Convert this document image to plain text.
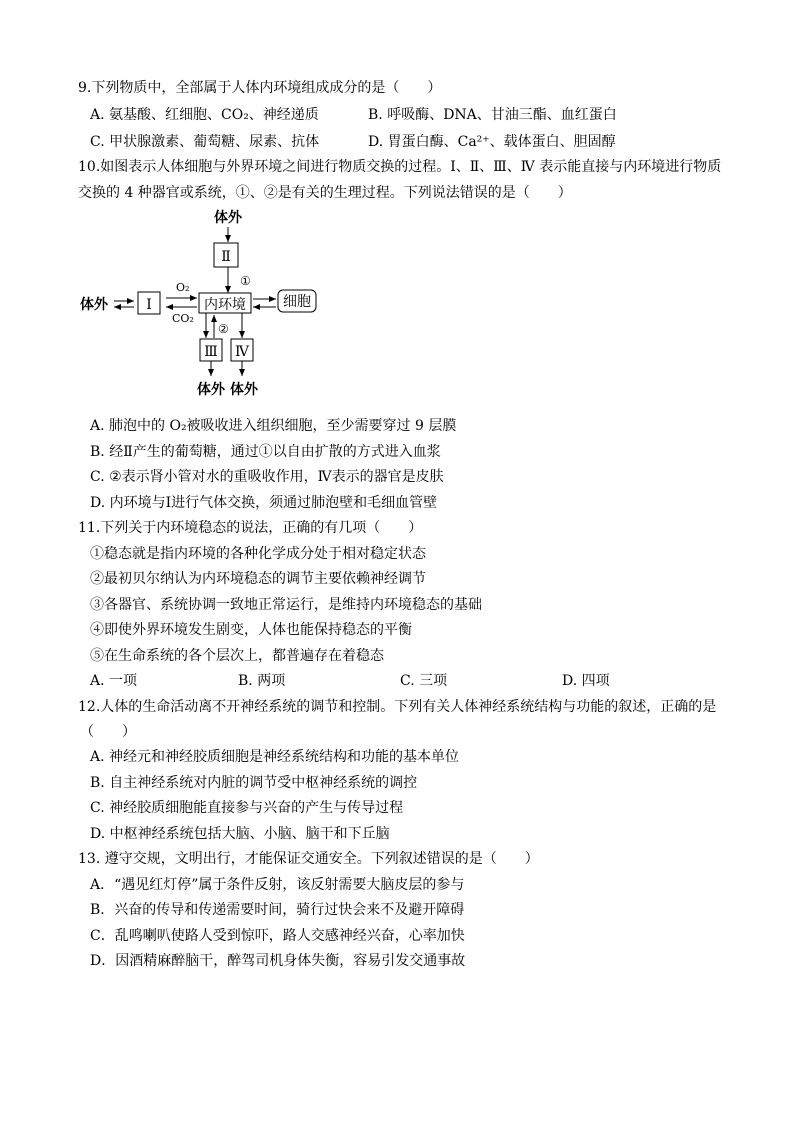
9.下列物质中，全部属于人体内环境组成成分的是（　　）
A. 氨基酸、红细胞、CO₂、神经递质	B. 呼吸酶、DNA、甘油三酯、血红蛋白
C. 甲状腺激素、葡萄糖、尿素、抗体	D. 胃蛋白酶、Ca²⁺、载体蛋白、胆固醇
10.如图表示人体细胞与外界环境之间进行物质交换的过程。Ⅰ、Ⅱ、Ⅲ、Ⅳ 表示能直接与内环境进行物质
交换的 4 种器官或系统，①、②是有关的生理过程。下列说法错误的是（　　）
体外
Ⅱ
①
体外	Ⅰ
O₂
CO₂
内环境	细胞
②
Ⅲ
体外
Ⅳ
体外
A. 肺泡中的 O₂被吸收进入组织细胞，至少需要穿过 9 层膜
B. 经Ⅱ产生的葡萄糖，通过①以自由扩散的方式进入血浆
C. ②表示肾小管对水的重吸收作用，Ⅳ表示的器官是皮肤
D. 内环境与Ⅰ进行气体交换，须通过肺泡壁和毛细血管壁
11.下列关于内环境稳态的说法，正确的有几项（　　）
①稳态就是指内环境的各种化学成分处于相对稳定状态
②最初贝尔纳认为内环境稳态的调节主要依赖神经调节
③各器官、系统协调一致地正常运行，是维持内环境稳态的基础
④即使外界环境发生剧变，人体也能保持稳态的平衡
⑤在生命系统的各个层次上，都普遍存在着稳态
A. 一项	B. 两项	C. 三项	D. 四项
12.人体的生命活动离不开神经系统的调节和控制。下列有关人体神经系统结构与功能的叙述，正确的是
（　　）
A. 神经元和神经胶质细胞是神经系统结构和功能的基本单位
B. 自主神经系统对内脏的调节受中枢神经系统的调控
C. 神经胶质细胞能直接参与兴奋的产生与传导过程
D. 中枢神经系统包括大脑、小脑、脑干和下丘脑
13. 遵守交规，文明出行，才能保证交通安全。下列叙述错误的是（　　）
A．“遇见红灯停”属于条件反射，该反射需要大脑皮层的参与
B．兴奋的传导和传递需要时间，骑行过快会来不及避开障碍
C．乱鸣喇叭使路人受到惊吓，路人交感神经兴奋，心率加快
D．因酒精麻醉脑干，醉驾司机身体失衡，容易引发交通事故
